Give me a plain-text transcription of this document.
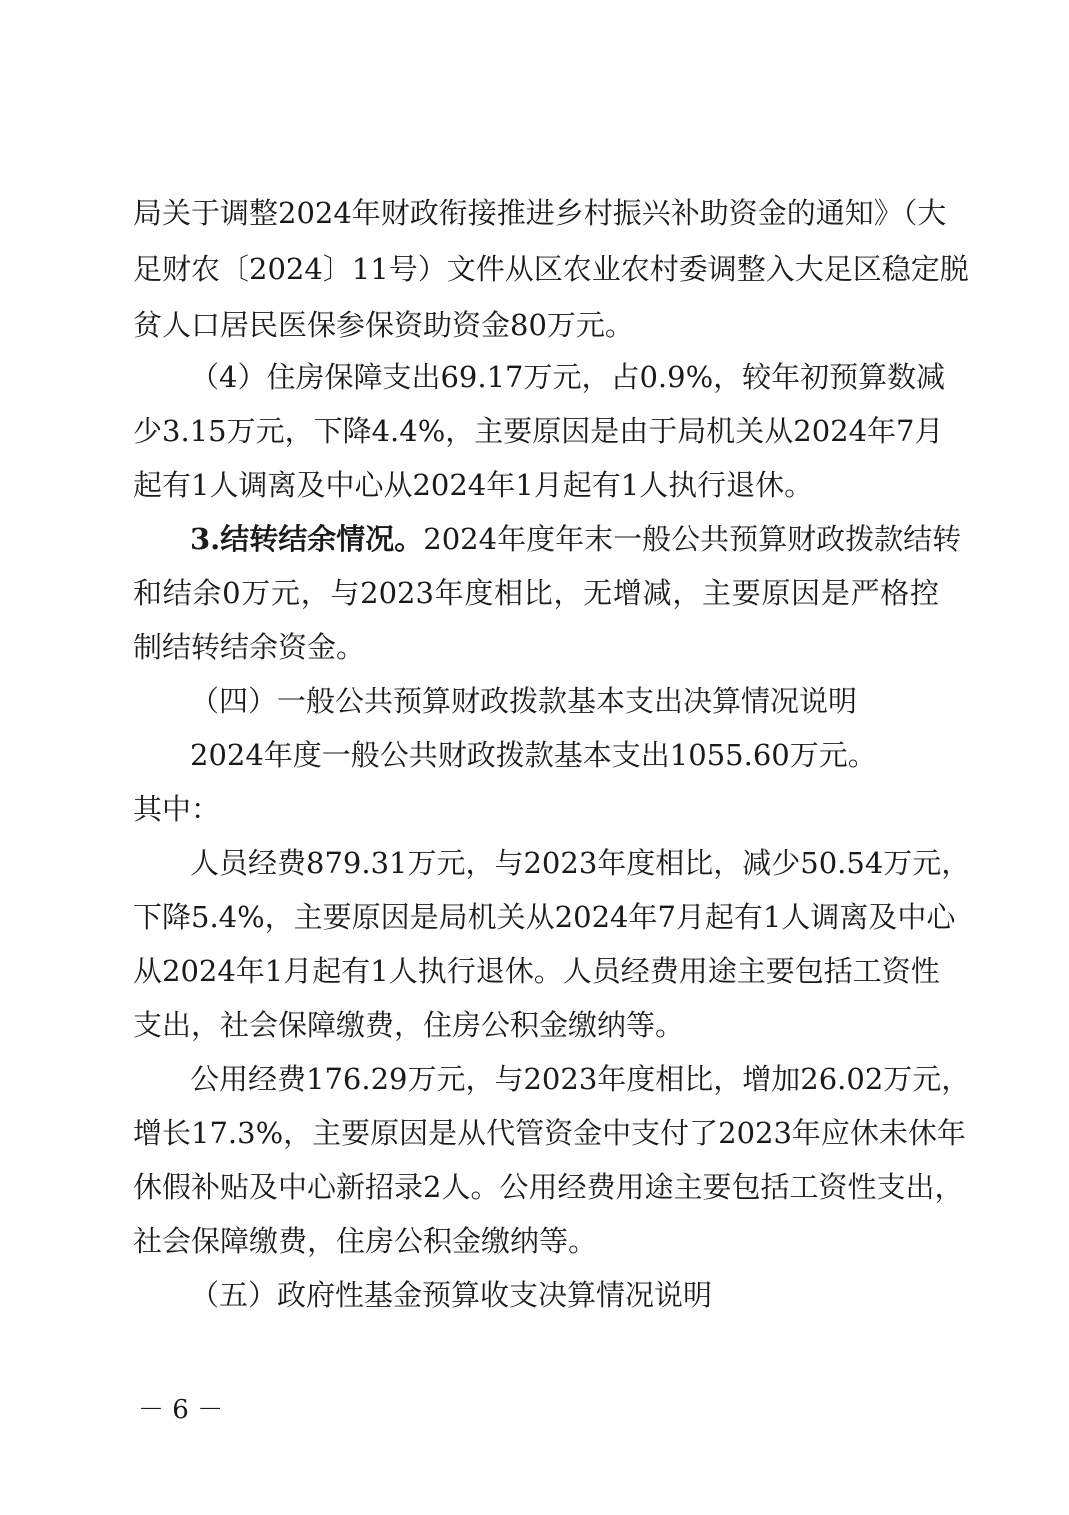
局关于调整2024年财政衔接推进乡村振兴补助资金的通知》（大
足财农〔2024〕11号）文件从区农业农村委调整入大足区稳定脱
贫人口居民医保参保资助资金80万元。
（4）住房保障支出69.17万元，占0.9%，较年初预算数减
少3.15万元，下降4.4%，主要原因是由于局机关从2024年7月
起有1人调离及中心从2024年1月起有1人执行退休。
3.结转结余情况。 2024年度年末一般公共预算财政拨款结转
和结余0万元，与2023年度相比，无增减，主要原因是严格控
制结转结余资金。
（四）一般公共预算财政拨款基本支出决算情况说明
2024年度一般公共财政拨款基本支出1055.60万元。
其中：
人员经费879.31万元，与2023年度相比，减少50.54万元，
下降5.4%，主要原因是局机关从2024年7月起有1人调离及中心
从2024年1月起有1人执行退休。人员经费用途主要包括工资性
支出，社会保障缴费，住房公积金缴纳等。
公用经费176.29万元，与2023年度相比，增加26.02万元，
增长17.3%，主要原因是从代管资金中支付了2023年应休未休年
休假补贴及中心新招录2人。公用经费用途主要包括工资性支出，
社会保障缴费，住房公积金缴纳等。
（五）政府性基金预算收支决算情况说明
－ 6 －
